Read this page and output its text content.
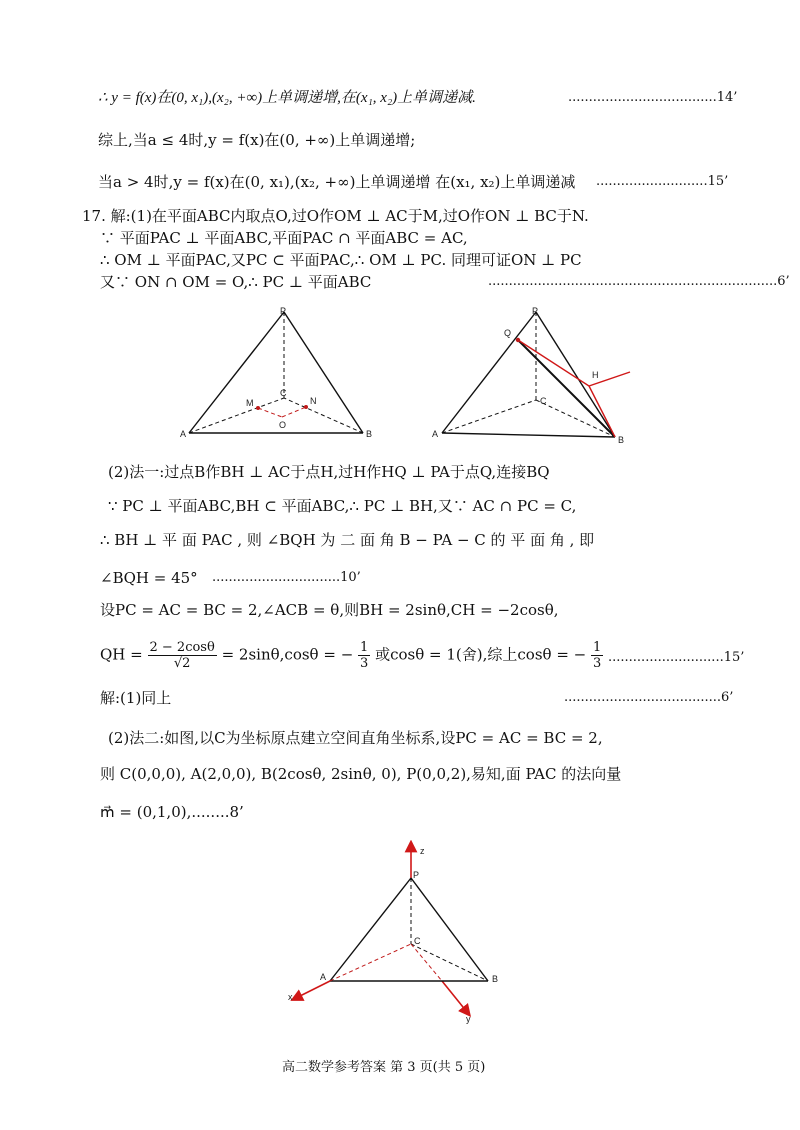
∴ y = f(x)在(0, x₁),(x₂, +∞)上单调递增,在(x₁, x₂)上单调递减.	....................................14’
综上,当a ≤ 4时,y = f(x)在(0, +∞)上单调递增;
当a > 4时,y = f(x)在(0, x₁),(x₂, +∞)上单调递增 在(x₁, x₂)上单调递减 ...........................15’
17. 解:(1)在平面ABC内取点O,过O作OM ⊥ AC于M,过O作ON ⊥ BC于N.
∵ 平面PAC ⊥ 平面ABC,平面PAC ∩ 平面ABC = AC,
∴ OM ⊥ 平面PAC,又PC ⊂ 平面PAC,∴ OM ⊥ PC. 同理可证ON ⊥ PC
又∵ ON ∩ OM = O,∴ PC ⊥ 平面ABC	......................................................................6’
P
A	B
C
M	N
O
Q
P
H
A
B
C
(2)法一:过点B作BH ⊥ AC于点H,过H作HQ ⊥ PA于点Q,连接BQ
∵ PC ⊥ 平面ABC,BH ⊂ 平面ABC,∴ PC ⊥ BH,又∵ AC ∩ PC = C,
∴ BH ⊥ 平 面 PAC , 则 ∠BQH 为 二 面 角 B − PA − C 的 平 面 角 , 即
∠BQH = 45° ...............................10’
设PC = AC = BC = 2,∠ACB = θ,则BH = 2sinθ,CH = −2cosθ,
QH = $\frac{2 - 2\cos\theta}{√2} = 2\sin\theta,\cos\theta$ = − $\frac{1}{3}$ 或cosθ = 1(舍),综上cosθ = − $\frac{1}{3} ............................15$’
解:(1)同上	......................................6’
(2)法二:如图,以C为坐标原点建立空间直角坐标系,设PC = AC = BC = 2,
则 C(0,0,0), A(2,0,0), B(2cosθ, 2sinθ, 0), P(0,0,2),易知,面 PAC 的法向量
m⃗ = (0,1,0),........8’
z
P
C
A	B
x
y
高二数学参考答案 第 3 页(共 5 页)
